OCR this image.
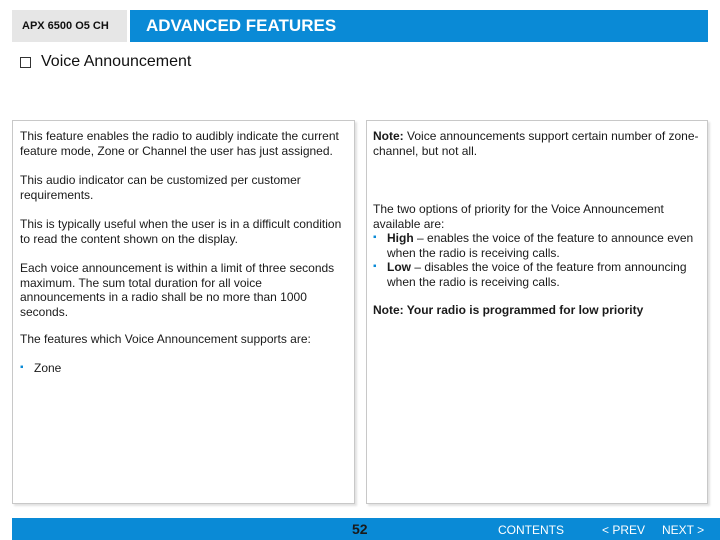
APX 6500 O5 CH ADVANCED FEATURES
Voice Announcement
This feature enables the radio to audibly indicate the current feature mode, Zone or Channel the user has just assigned.
This audio indicator can be customized per customer requirements.
This is typically useful when the user is in a difficult condition to read the content shown on the display.
Each voice announcement is within a limit of three seconds maximum. The sum total duration for all voice announcements in a radio shall be no more than 1000 seconds.
The features which Voice Announcement supports are:
▪ Zone
Note: Voice announcements support certain number of zone-channel, but not all.
The two options of priority for the Voice Announcement available are:
▪ High – enables the voice of the feature to announce even
when the radio is receiving calls.
▪ Low – disables the voice of the feature from announcing
when the radio is receiving calls.
Note: Your radio is programmed for low priority
52	CONTENTS	< PREV NEXT >
